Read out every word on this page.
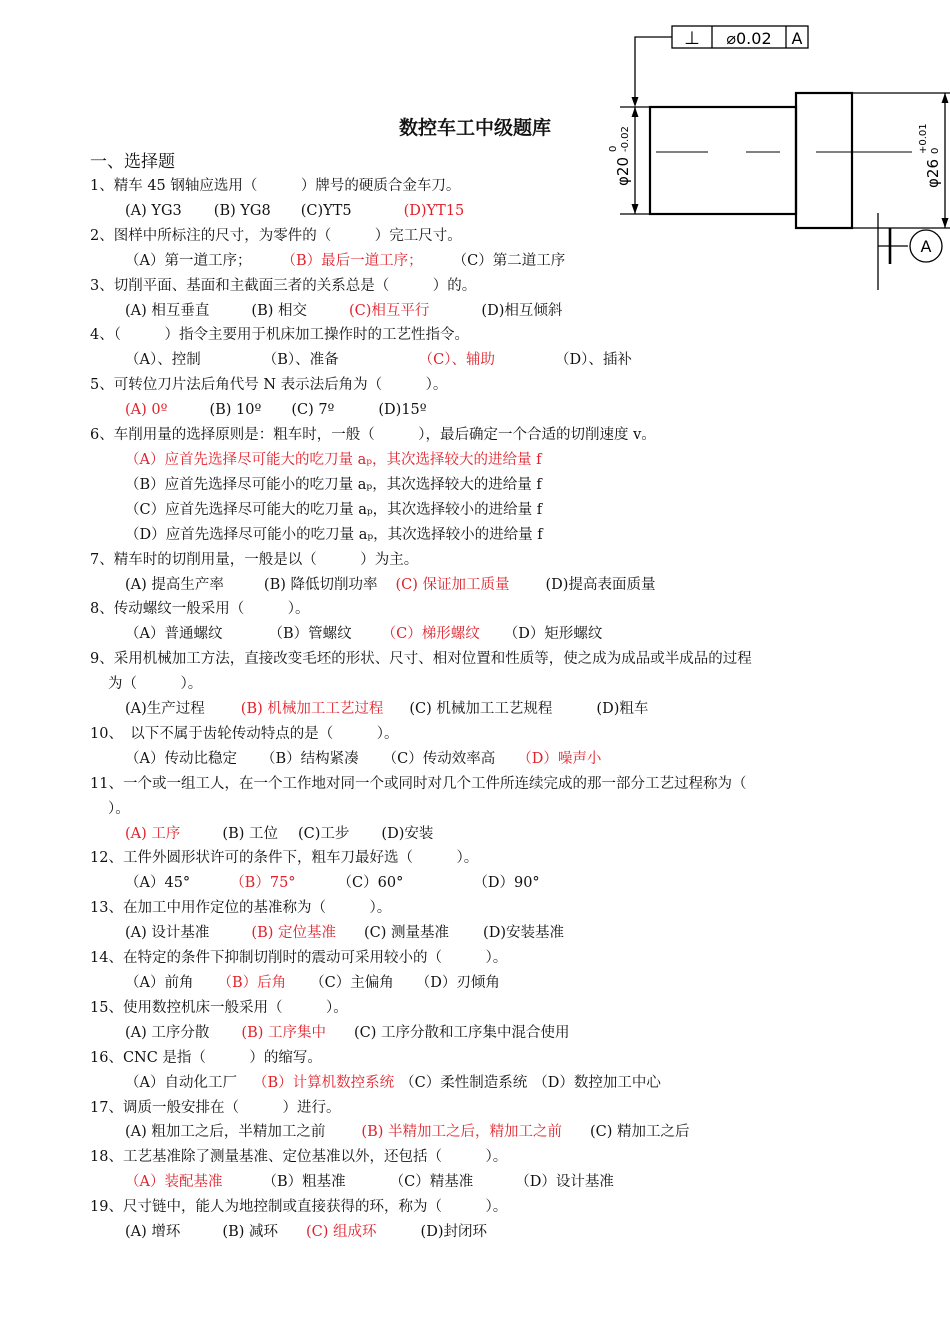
数控车工中级题库
一、选择题
⊥ ⌀0.02 A
A
φ20
0 -0.02
φ26
+0.01 0
1、精车 45 钢轴应选用（　　　）牌号的硬质合金车刀。
(A) YG3 (B) YG8 (C)YT5	(D)YT15
2、图样中所标注的尺寸，为零件的（　　　）完工尺寸。
（A）第一道工序； （B）最后一道工序； （C）第二道工序
3、切削平面、基面和主截面三者的关系总是（　　　）的。
(A) 相互垂直	(B) 相交	(C)相互平行	(D)相互倾斜
4、（　　　）指令主要用于机床加工操作时的工艺性指令。
（A）、控制	（B）、准备	（C）、辅助	（D）、插补
5、可转位刀片法后角代号 N 表示法后角为（　　　）。
(A) 0º	(B) 10º (C) 7º	(D)15º
6、车削用量的选择原则是：粗车时，一般（　　　），最后确定一个合适的切削速度 v。
（A）应首先选择尽可能大的吃刀量 aₚ，其次选择较大的进给量 f
（B）应首先选择尽可能小的吃刀量 aₚ，其次选择较大的进给量 f
（C）应首先选择尽可能大的吃刀量 aₚ，其次选择较小的进给量 f
（D）应首先选择尽可能小的吃刀量 aₚ，其次选择较小的进给量 f
7、精车时的切削用量，一般是以（　　　）为主。
(A) 提高生产率	(B) 降低切削功率 (C) 保证加工质量 (D)提高表面质量
8、传动螺纹一般采用（　　　）。
（A）普通螺纹	（B）管螺纹 （C）梯形螺纹 （D）矩形螺纹
9、采用机械加工方法，直接改变毛坯的形状、尺寸、相对位置和性质等，使之成为成品或半成品的过程
为（　　　）。
(A)生产过程 (B) 机械加工工艺过程 (C) 机械加工工艺规程	(D)粗车
10、　以下不属于齿轮传动特点的是（　　　）。
（A）传动比稳定 （B）结构紧凑 （C）传动效率高 （D）噪声小
11、一个或一组工人，在一个工作地对同一个或同时对几个工件所连续完成的那一部分工艺过程称为（
）。
(A) 工序	(B) 工位 (C)工步 (D)安装
12、工件外圆形状许可的条件下，粗车刀最好选（　　　）。
（A）45°	（B）75°	（C）60°	（D）90°
13、在加工中用作定位的基准称为（　　　）。
(A) 设计基准	(B) 定位基准 (C) 测量基准 (D)安装基准
14、在特定的条件下抑制切削时的震动可采用较小的（　　　）。
（A）前角 （B）后角 （C）主偏角 （D）刃倾角
15、使用数控机床一般采用（　　　）。
(A) 工序分散 (B) 工序集中 (C) 工序分散和工序集中混合使用
16、CNC 是指（　　　）的缩写。
（A）自动化工厂 （B）计算机数控系统 （C）柔性制造系统 （D）数控加工中心
17、调质一般安排在（　　　）进行。
(A) 粗加工之后，半精加工之前 (B) 半精加工之后，精加工之前 (C) 精加工之后
18、工艺基准除了测量基准、定位基准以外，还包括（　　　）。
（A）装配基准	（B）粗基准	（C）精基准	（D）设计基准
19、尺寸链中，能人为地控制或直接获得的环，称为（　　　）。
(A) 增环	(B) 减环 (C) 组成环	(D)封闭环
